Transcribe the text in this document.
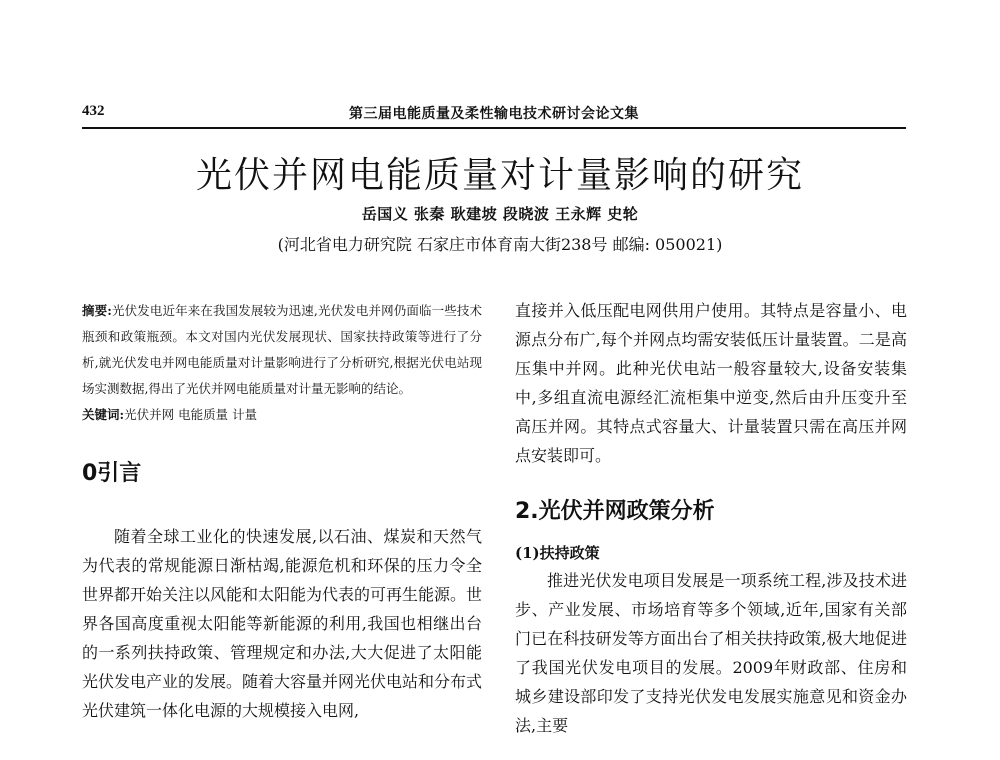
432	第三届电能质量及柔性输电技术研讨会论文集
光伏并网电能质量对计量影响的研究
岳国义 张秦 耿建坡 段晓波 王永辉 史轮
(河北省电力研究院 石家庄市体育南大街238号 邮编: 050021)

摘要:光伏发电近年来在我国发展较为迅速,光伏发电并网仍面临一些技术瓶颈和政策瓶颈。本文对国内光伏发展现状、国家扶持政策等进行了分析,就光伏发电并网电能质量对计量影响进行了分析研究,根据光伏电站现场实测数据,得出了光伏并网电能质量对计量无影响的结论。

关键词:光伏并网 电能质量 计量

0引言

随着全球工业化的快速发展,以石油、煤炭和天然气为代表的常规能源日渐枯竭,能源危机和环保的压力令全世界都开始关注以风能和太阳能为代表的可再生能源。世界各国高度重视太阳能等新能源的利用,我国也相继出台的一系列扶持政策、管理规定和办法,大大促进了太阳能光伏发电产业的发展。随着大容量并网光伏电站和分布式光伏建筑一体化电源的大规模接入电网,

直接并入低压配电网供用户使用。其特点是容量小、电源点分布广,每个并网点均需安装低压计量装置。二是高压集中并网。此种光伏电站一般容量较大,设备安装集中,多组直流电源经汇流柜集中逆变,然后由升压变升至高压并网。其特点式容量大、计量装置只需在高压并网点安装即可。

2.光伏并网政策分析

(1)扶持政策

推进光伏发电项目发展是一项系统工程,涉及技术进步、产业发展、市场培育等多个领域,近年,国家有关部门已在科技研发等方面出台了相关扶持政策,极大地促进了我国光伏发电项目的发展。2009年财政部、住房和城乡建设部印发了支持光伏发电发展实施意见和资金办法,主要
